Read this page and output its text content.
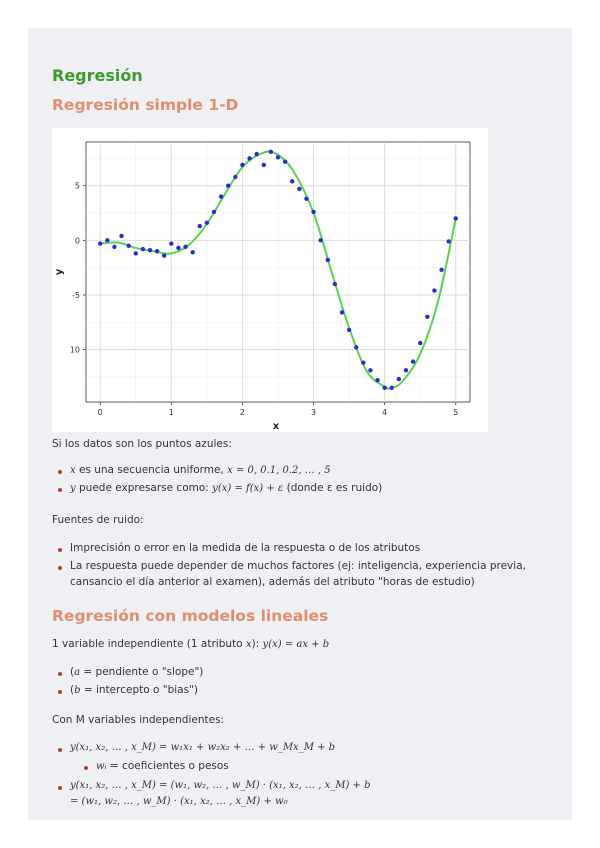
Regresión
Regresión simple 1-D
0	1	2	3	4	5
5
0
-5
10
x
y
Si los datos son los puntos azules:
x es una secuencia uniforme, x = 0, 0.1, 0.2, … , 5
y puede expresarse como: y(x) = f(x) + ε (donde ε es ruido)
Fuentes de ruido:
Imprecisión o error en la medida de la respuesta o de los atributos
La respuesta puede depender de muchos factores (ej: inteligencia, experiencia previa,
cansancio el día anterior al examen), además del atributo "horas de estudio)
Regresión con modelos lineales
1 variable independiente (1 atributo x): y(x) = ax + b
(a = pendiente o "slope")
(b = intercepto o "bias")
Con M variables independientes:
y(x₁, x₂, … , x_M) = w₁x₁ + w₂x₂ + … + w_Mx_M + b
wᵢ = coeficientes o pesos
y(x₁, x₂, … , x_M) = (w₁, w₂, … , w_M) · (x₁, x₂, … , x_M) + b
= (w₁, w₂, … , w_M) · (x₁, x₂, … , x_M) + w₀
